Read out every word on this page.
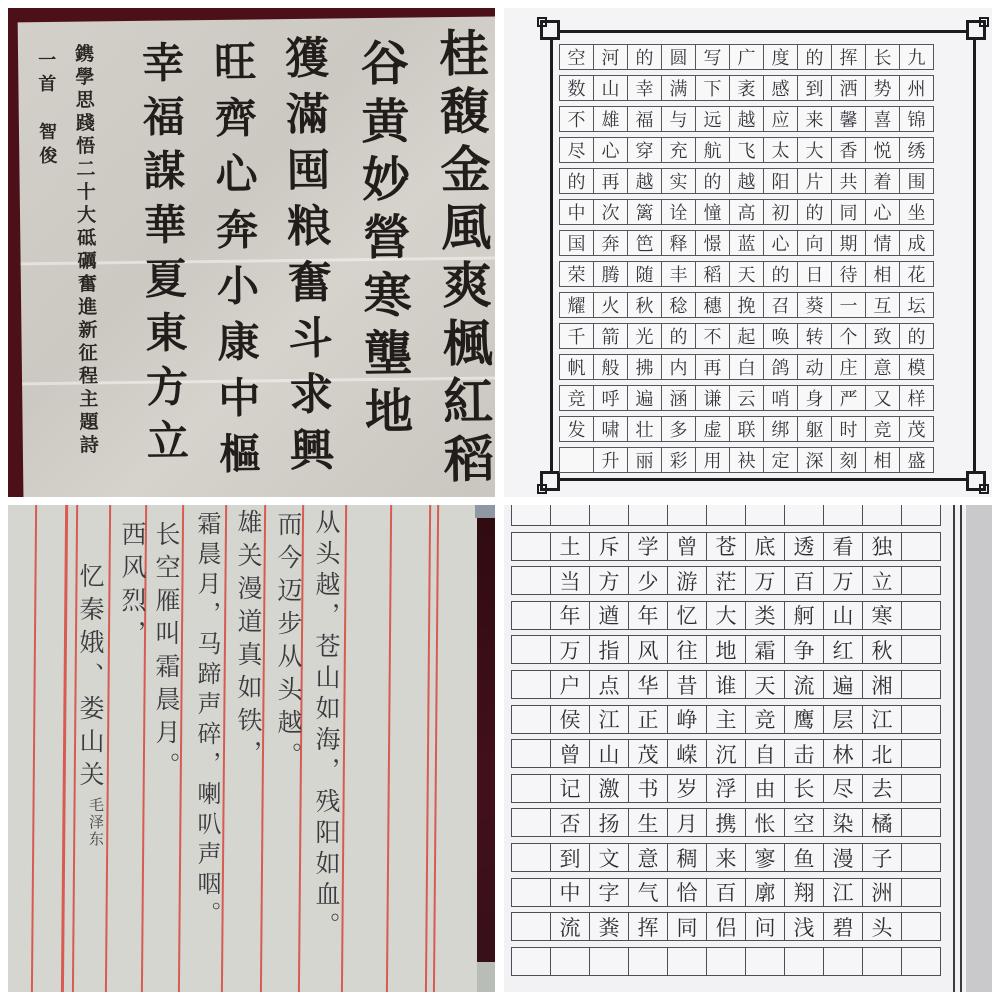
桂馥金風爽楓紅稻
谷黄妙營寒壟地
獲滿囤粮奮斗求興
旺齊心奔小康中樞
幸福謀華夏東方立
鎸學思踐悟二十大砥礪奮進新征程主題詩
一首　智俊	空 河 的 圆 写 广 度 的 挥 长 九
数 山 幸 满 下 袤 感 到 洒 势 州
不 雄 福 与 远 越 应 来 馨 喜 锦
尽 心 穿 充 航 飞 太 大 香 悦 绣
的 再 越 实 的 越 阳 片 共 着 围
中 次 篱 诠 憧 高 初 的 同 心 坐
国 奔 笆 释 憬 蓝 心 向 期 情 成
荣 腾 随 丰 稻 天 的 日 待 相 花
耀 火 秋 稔 穗 挽 召 葵 一 互 坛
千 箭 光 的 不 起 唤 转 个 致 的
帆 般 拂 内 再 白 鸽 动 庄 意 模
竞 呼 遍 涵 谦 云 哨 身 严 又 样
发 啸 壮 多 虚 联 绑 躯 时 竞 茂
升 丽 彩 用 袂 定 深 刻 相 盛
从头越，苍山如海，残阳如血。
而今迈步从头越。
雄关漫道真如铁，
霜晨月，马蹄声碎，喇叭声咽。
长空雁叫霜晨月。
西风烈，
忆秦娥、娄山关
毛泽东
土 斥 学 曾 苍 底 透 看 独
当 方 少 游 茫 万 百 万 立
年 遒 年 忆 大 类 舸 山 寒
万 指 风 往 地 霜 争 红 秋
户 点 华 昔 谁 天 流 遍 湘
侯 江 正 峥 主 竞 鹰 层 江
曾 山 茂 嵘 沉 自 击 林 北
记 激 书 岁 浮 由 长 尽 去
否 扬 生 月 携 怅 空 染 橘
到 文 意 稠 来 寥 鱼 漫 子
中 字 气 恰 百 廓 翔 江 洲
流 粪 挥 同 侣 问 浅 碧 头
